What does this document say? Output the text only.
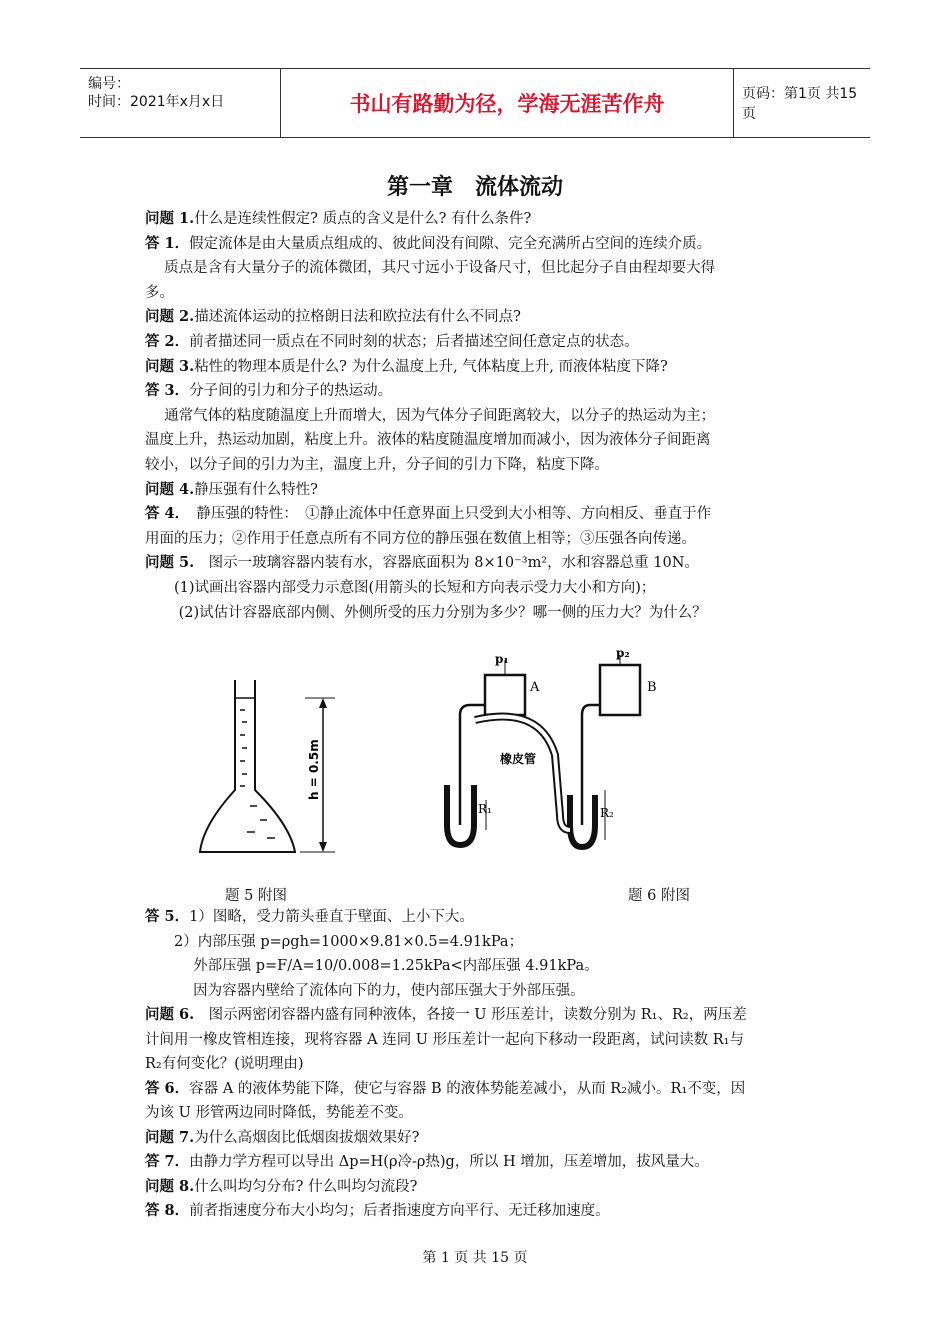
编号：
时间：2021年x月x日	书山有路勤为径，学海无涯苦作舟	页码：第1页 共15页
第一章　流体流动
问题 1.什么是连续性假定? 质点的含义是什么? 有什么条件?
答 1．假定流体是由大量质点组成的、彼此间没有间隙、完全充满所占空间的连续介质。
　 质点是含有大量分子的流体微团，其尺寸远小于设备尺寸，但比起分子自由程却要大得
多。
问题 2.描述流体运动的拉格朗日法和欧拉法有什么不同点?
答 2．前者描述同一质点在不同时刻的状态；后者描述空间任意定点的状态。
问题 3.粘性的物理本质是什么? 为什么温度上升, 气体粘度上升, 而液体粘度下降?
答 3．分子间的引力和分子的热运动。
　 通常气体的粘度随温度上升而增大，因为气体分子间距离较大，以分子的热运动为主；
温度上升，热运动加剧，粘度上升。液体的粘度随温度增加而减小，因为液体分子间距离
较小，以分子间的引力为主，温度上升，分子间的引力下降，粘度下降。
问题 4.静压强有什么特性?
答 4．　静压强的特性：　①静止流体中任意界面上只受到大小相等、方向相反、垂直于作
用面的压力；②作用于任意点所有不同方位的静压强在数值上相等；③压强各向传递。
问题 5.　图示一玻璃容器内装有水，容器底面积为 8×10⁻³m²，水和容器总重 10N。
　　(1)试画出容器内部受力示意图(用箭头的长短和方向表示受力大小和方向)；
　　 (2)试估计容器底部内侧、外侧所受的压力分别为多少？哪一侧的压力大？为什么？
h = 0.5m
p₁	p₂
A	B
橡皮管
R₁	R₂
题 5 附图	题 6 附图
答 5．1）图略，受力箭头垂直于壁面、上小下大。
　　2）内部压强 p=ρgh=1000×9.81×0.5=4.91kPa；
　　　 外部压强 p=F/A=10/0.008=1.25kPa<内部压强 4.91kPa。
　　　 因为容器内壁给了流体向下的力，使内部压强大于外部压强。
问题 6.　图示两密闭容器内盛有同种液体，各接一 U 形压差计，读数分别为 R₁、R₂，两压差
计间用一橡皮管相连接，现将容器 A 连同 U 形压差计一起向下移动一段距离，试问读数 R₁与
R₂有何变化？(说明理由)
答 6．容器 A 的液体势能下降，使它与容器 B 的液体势能差减小，从而 R₂减小。R₁不变，因
为该 U 形管两边同时降低，势能差不变。
问题 7.为什么高烟囱比低烟囱拔烟效果好?
答 7．由静力学方程可以导出 Δp=H(ρ冷-ρ热)g，所以 H 增加，压差增加，拔风量大。
问题 8.什么叫均匀分布? 什么叫均匀流段?
答 8．前者指速度分布大小均匀；后者指速度方向平行、无迁移加速度。
第 1 页 共 15 页
